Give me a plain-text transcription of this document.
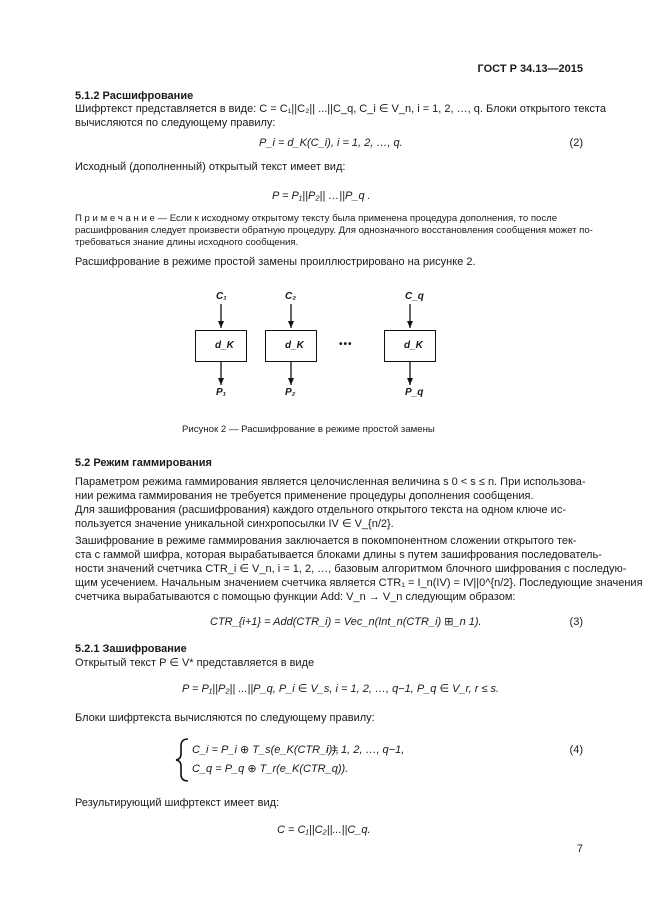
ГОСТ Р 34.13—2015
5.1.2 Расшифрование
Шифртекст представляется в виде: C = C₁||C₂|| ...||C_q, C_i ∈ V_n, i = 1, 2, …, q. Блоки открытого текста
вычисляются по следующему правилу:
P_i = d_K(C_i), i = 1, 2, …, q.	(2)
Исходный (дополненный) открытый текст имеет вид:
P = P₁||P₂|| …||P_q .
П р и м е ч а н и е — Если к исходному открытому тексту была применена процедура дополнения, то после
расшифрования следует произвести обратную процедуру. Для однозначного восстановления сообщения может по-
требоваться знание длины исходного сообщения.
Расшифрование в режиме простой замены проиллюстрировано на рисунке 2.
C₁	C₂	C_q
d_K	d_K	•••	d_K
P₁	P₂	P_q
Рисунок 2 — Расшифрование в режиме простой замены
5.2 Режим гаммирования
Параметром режима гаммирования является целочисленная величина s 0 < s ≤ n. При использова-
нии режима гаммирования не требуется применение процедуры дополнения сообщения.
Для зашифрования (расшифрования) каждого отдельного открытого текста на одном ключе ис-
пользуется значение уникальной синхропосылки IV ∈ V_{n/2}.
Зашифрование в режиме гаммирования заключается в покомпонентном сложении открытого тек-
ста с гаммой шифра, которая вырабатывается блоками длины s путем зашифрования последователь-
ности значений счетчика CTR_i ∈ V_n, i = 1, 2, …, базовым алгоритмом блочного шифрования с последую-
щим усечением. Начальным значением счетчика является CTR₁ = I_n(IV) = IV||0^{n/2}. Последующие значения
счетчика вырабатываются с помощью функции Add: V_n → V_n следующим образом:
CTR_{i+1} = Add(CTR_i) = Vec_n(Int_n(CTR_i) ⊞_n 1).	(3)
5.2.1 Зашифрование
Открытый текст P ∈ V* представляется в виде
P = P₁||P₂|| ...||P_q, P_i ∈ V_s, i = 1, 2, …, q−1, P_q ∈ V_r, r ≤ s.
Блоки шифртекста вычисляются по следующему правилу:
C_i = P_i ⊕ T_s(e_K(CTR_i)),
i = 1, 2, …, q−1,
C_q = P_q ⊕ T_r(e_K(CTR_q)).
(4)
Результирующий шифртекст имеет вид:
C = C₁||C₂||...||C_q.
7
